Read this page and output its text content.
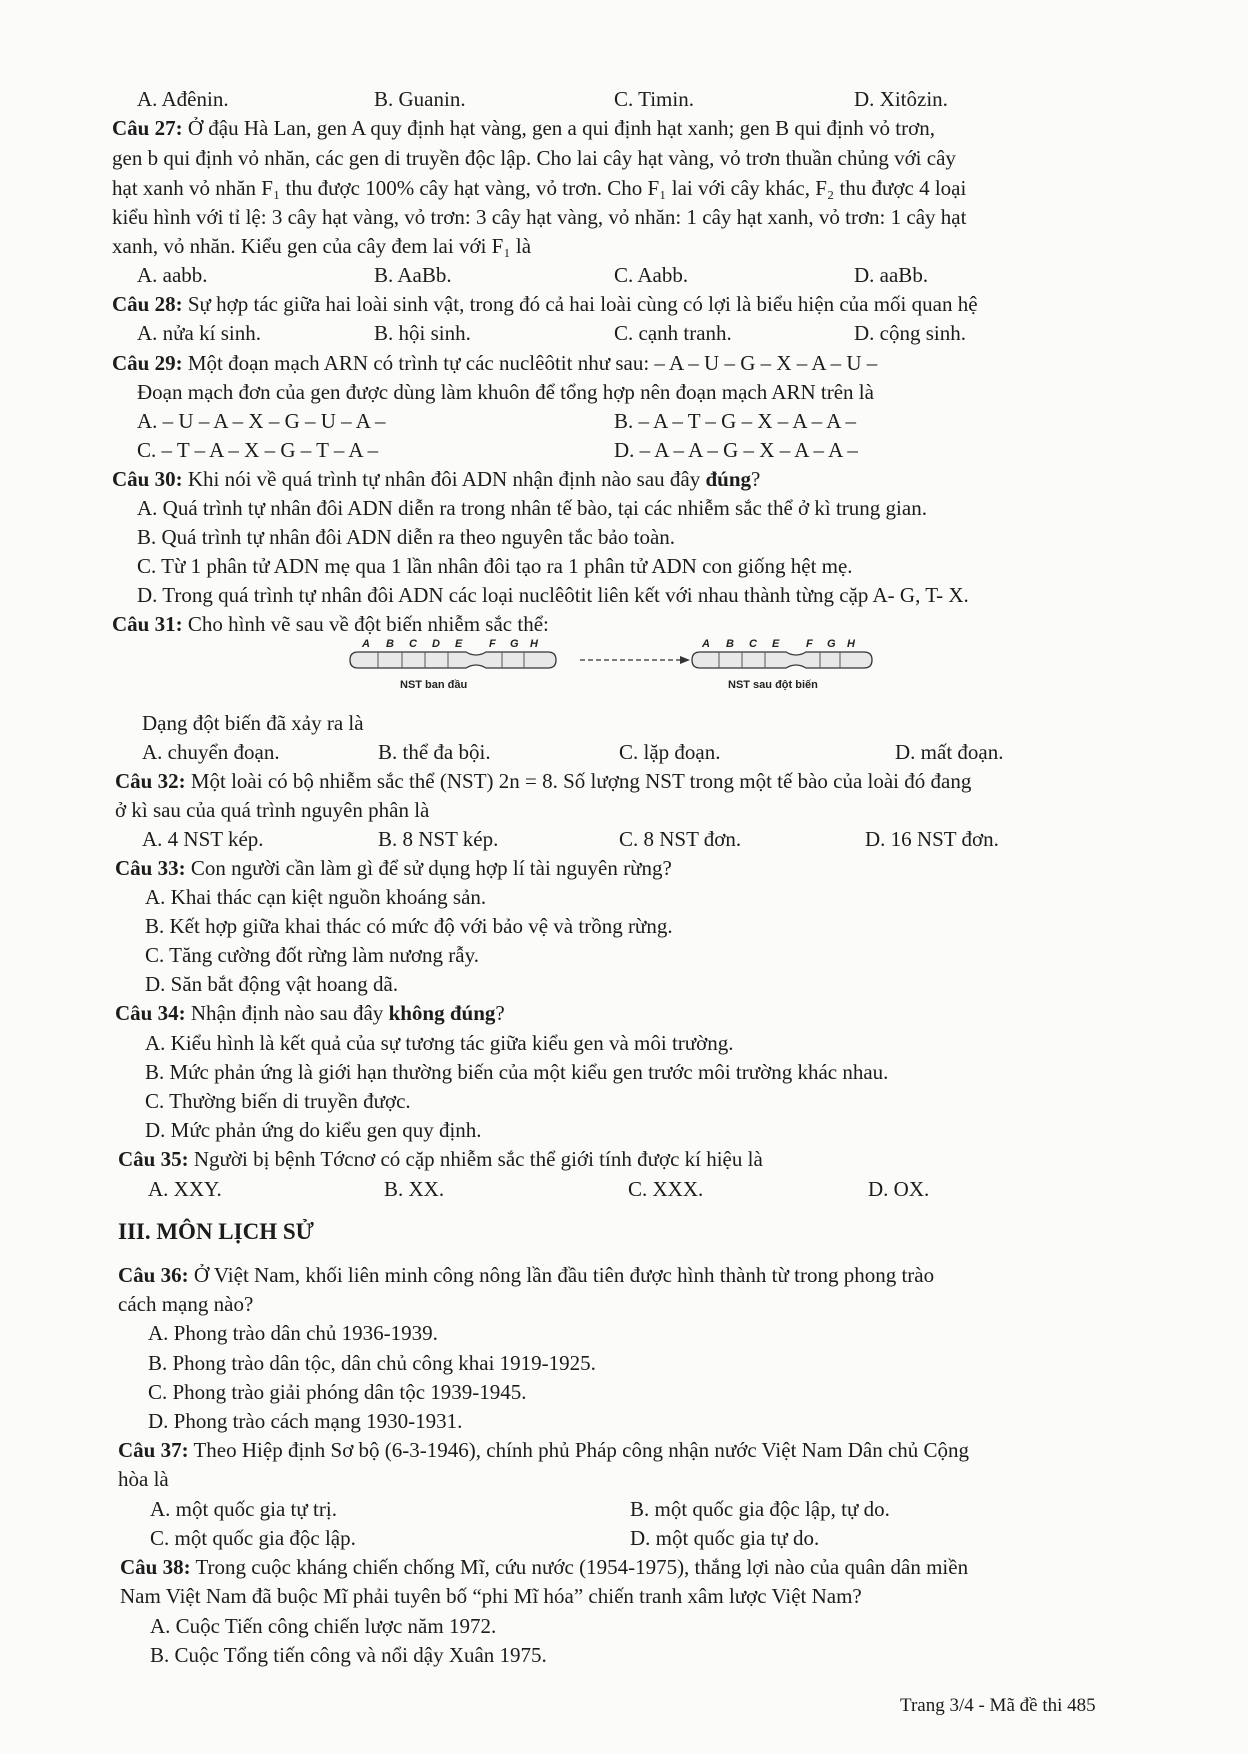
A. Ađênin.	B. Guanin.	C. Timin.	D. Xitôzin.
Câu 27: Ở đậu Hà Lan, gen A quy định hạt vàng, gen a qui định hạt xanh; gen B qui định vỏ trơn,
gen b qui định vỏ nhăn, các gen di truyền độc lập. Cho lai cây hạt vàng, vỏ trơn thuần chủng với cây
hạt xanh vỏ nhăn F₁ thu được 100% cây hạt vàng, vỏ trơn. Cho F₁ lai với cây khác, F₂ thu được 4 loại
kiểu hình với tỉ lệ: 3 cây hạt vàng, vỏ trơn: 3 cây hạt vàng, vỏ nhăn: 1 cây hạt xanh, vỏ trơn: 1 cây hạt
xanh, vỏ nhăn. Kiểu gen của cây đem lai với F₁ là
A. aabb.	B. AaBb.	C. Aabb.	D. aaBb.
Câu 28: Sự hợp tác giữa hai loài sinh vật, trong đó cả hai loài cùng có lợi là biểu hiện của mối quan hệ
A. nửa kí sinh.	B. hội sinh.	C. cạnh tranh.	D. cộng sinh.
Câu 29: Một đoạn mạch ARN có trình tự các nuclêôtit như sau: – A – U – G – X – A – U –
Đoạn mạch đơn của gen được dùng làm khuôn để tổng hợp nên đoạn mạch ARN trên là
A. – U – A – X – G – U – A –	B. – A – T – G – X – A – A –
C. – T – A – X – G – T – A –	D. – A – A – G – X – A – A –
Câu 30: Khi nói về quá trình tự nhân đôi ADN nhận định nào sau đây đúng?
A. Quá trình tự nhân đôi ADN diễn ra trong nhân tế bào, tại các nhiễm sắc thể ở kì trung gian.
B. Quá trình tự nhân đôi ADN diễn ra theo nguyên tắc bảo toàn.
C. Từ 1 phân tử ADN mẹ qua 1 lần nhân đôi tạo ra 1 phân tử ADN con giống hệt mẹ.
D. Trong quá trình tự nhân đôi ADN các loại nuclêôtit liên kết với nhau thành từng cặp A- G, T- X.
Câu 31: Cho hình vẽ sau về đột biến nhiễm sắc thể:
A B C D E F G H
NST ban đầu
A B C E F G H
NST sau đột biến
Dạng đột biến đã xảy ra là
A. chuyển đoạn.	B. thể đa bội.	C. lặp đoạn.	D. mất đoạn.
Câu 32: Một loài có bộ nhiễm sắc thể (NST) 2n = 8. Số lượng NST trong một tế bào của loài đó đang
ở kì sau của quá trình nguyên phân là
A. 4 NST kép.	B. 8 NST kép.	C. 8 NST đơn.	D. 16 NST đơn.
Câu 33: Con người cần làm gì để sử dụng hợp lí tài nguyên rừng?
A. Khai thác cạn kiệt nguồn khoáng sản.
B. Kết hợp giữa khai thác có mức độ với bảo vệ và trồng rừng.
C. Tăng cường đốt rừng làm nương rẫy.
D. Săn bắt động vật hoang dã.
Câu 34: Nhận định nào sau đây không đúng?
A. Kiểu hình là kết quả của sự tương tác giữa kiểu gen và môi trường.
B. Mức phản ứng là giới hạn thường biến của một kiểu gen trước môi trường khác nhau.
C. Thường biến di truyền được.
D. Mức phản ứng do kiểu gen quy định.
Câu 35: Người bị bệnh Tớcnơ có cặp nhiễm sắc thể giới tính được kí hiệu là
A. XXY.	B. XX.	C. XXX.	D. OX.
III. MÔN LỊCH SỬ
Câu 36: Ở Việt Nam, khối liên minh công nông lần đầu tiên được hình thành từ trong phong trào
cách mạng nào?
A. Phong trào dân chủ 1936-1939.
B. Phong trào dân tộc, dân chủ công khai 1919-1925.
C. Phong trào giải phóng dân tộc 1939-1945.
D. Phong trào cách mạng 1930-1931.
Câu 37: Theo Hiệp định Sơ bộ (6-3-1946), chính phủ Pháp công nhận nước Việt Nam Dân chủ Cộng
hòa là
A. một quốc gia tự trị.	B. một quốc gia độc lập, tự do.
C. một quốc gia độc lập.	D. một quốc gia tự do.
Câu 38: Trong cuộc kháng chiến chống Mĩ, cứu nước (1954-1975), thắng lợi nào của quân dân miền
Nam Việt Nam đã buộc Mĩ phải tuyên bố “phi Mĩ hóa” chiến tranh xâm lược Việt Nam?
A. Cuộc Tiến công chiến lược năm 1972.
B. Cuộc Tổng tiến công và nổi dậy Xuân 1975.
Trang 3/4 - Mã đề thi 485
